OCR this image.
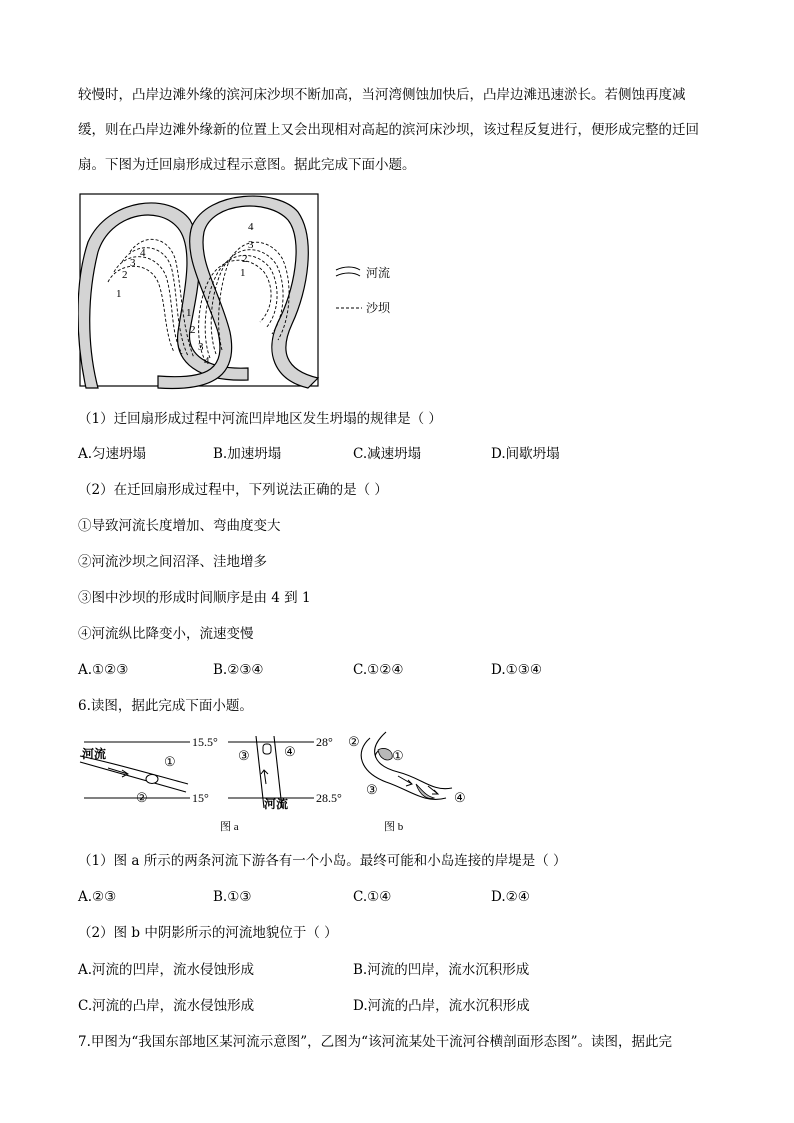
较慢时，凸岸边滩外缘的滨河床沙坝不断加高，当河湾侧蚀加快后，凸岸边滩迅速淤长。若侧蚀再度减
缓，则在凸岸边滩外缘新的位置上又会出现相对高起的滨河床沙坝，该过程反复进行，便形成完整的迁回
扇。下图为迁回扇形成过程示意图。据此完成下面小题。
1
2
3
4
1
2
3
4
1
2
3
4
河流
沙坝
（1）迁回扇形成过程中河流凹岸地区发生坍塌的规律是（ ）
A.匀速坍塌	B.加速坍塌	C.减速坍塌	D.间歇坍塌
（2）在迁回扇形成过程中，下列说法正确的是（ ）
①导致河流长度增加、弯曲度变大
②河流沙坝之间沼泽、洼地增多
③图中沙坝的形成时间顺序是由 4 到 1
④河流纵比降变小，流速变慢
A.①②③	B.②③④	C.①②④	D.①③④
6.读图，据此完成下面小题。
15.5°
15°
河流	①
②
28°
28.5°
③	④
河流
图 a
②
①
③
④
图 b
（1）图 a 所示的两条河流下游各有一个小岛。最终可能和小岛连接的岸堤是（ ）
A.②③	B.①③	C.①④	D.②④
（2）图 b 中阴影所示的河流地貌位于（ ）
A.河流的凹岸，流水侵蚀形成	B.河流的凹岸，流水沉积形成
C.河流的凸岸，流水侵蚀形成	D.河流的凸岸，流水沉积形成
7.甲图为“我国东部地区某河流示意图”，乙图为“该河流某处干流河谷横剖面形态图”。读图，据此完
